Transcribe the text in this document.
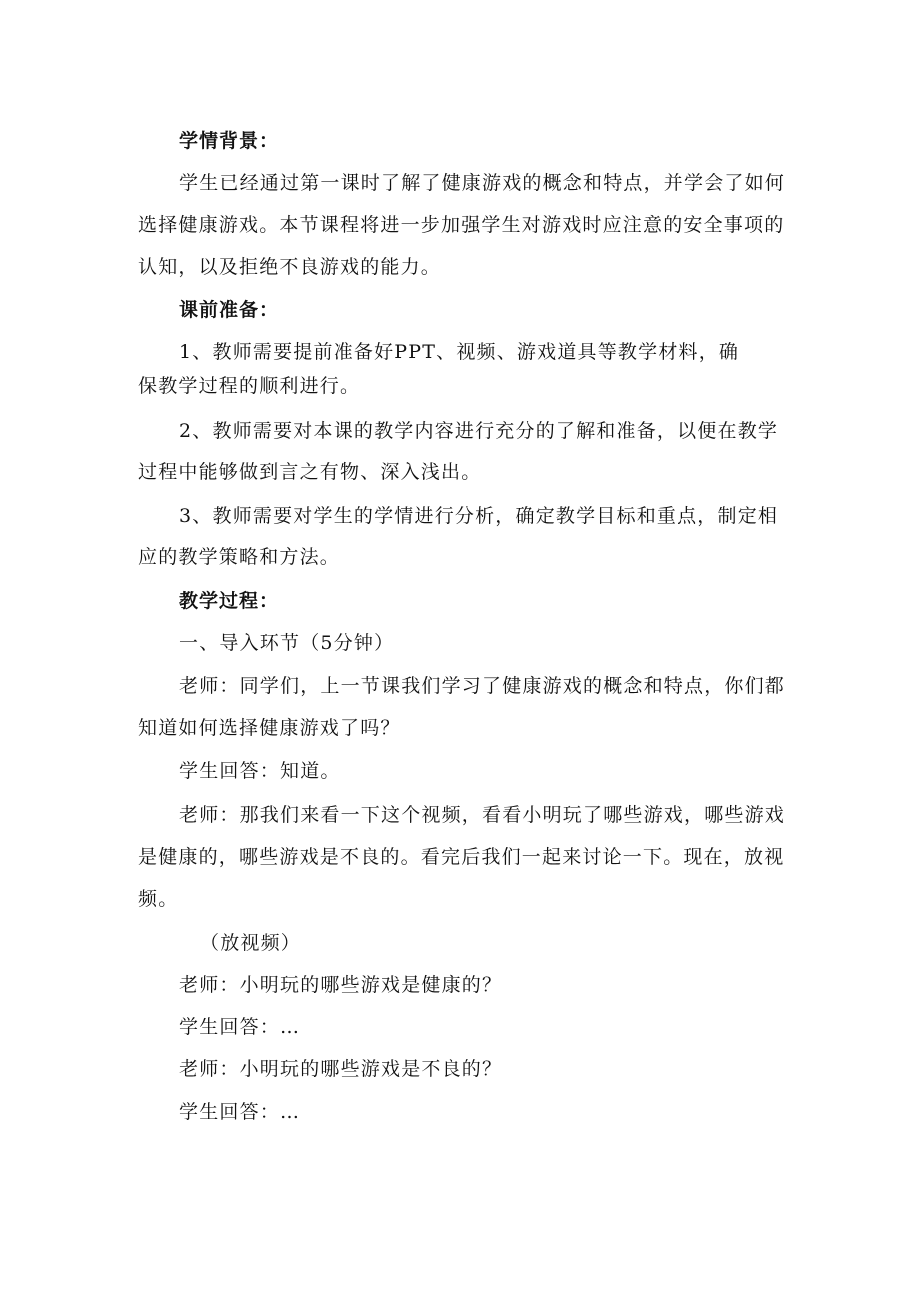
学情背景：
学生已经通过第一课时了解了健康游戏的概念和特点，并学会了如何
选择健康游戏。本节课程将进一步加强学生对游戏时应注意的安全事项的
认知，以及拒绝不良游戏的能力。
课前准备：
1、教师需要提前准备好PPT、视频、游戏道具等教学材料，确
保教学过程的顺利进行。
2、教师需要对本课的教学内容进行充分的了解和准备，以便在教学
过程中能够做到言之有物、深入浅出。
3、教师需要对学生的学情进行分析，确定教学目标和重点，制定相
应的教学策略和方法。
教学过程：
一、导入环节（5分钟）
老师：同学们，上一节课我们学习了健康游戏的概念和特点，你们都
知道如何选择健康游戏了吗？
学生回答：知道。
老师：那我们来看一下这个视频，看看小明玩了哪些游戏，哪些游戏
是健康的，哪些游戏是不良的。看完后我们一起来讨论一下。现在，放视
频。
（放视频）
老师：小明玩的哪些游戏是健康的？
学生回答：…
老师：小明玩的哪些游戏是不良的？
学生回答：…
